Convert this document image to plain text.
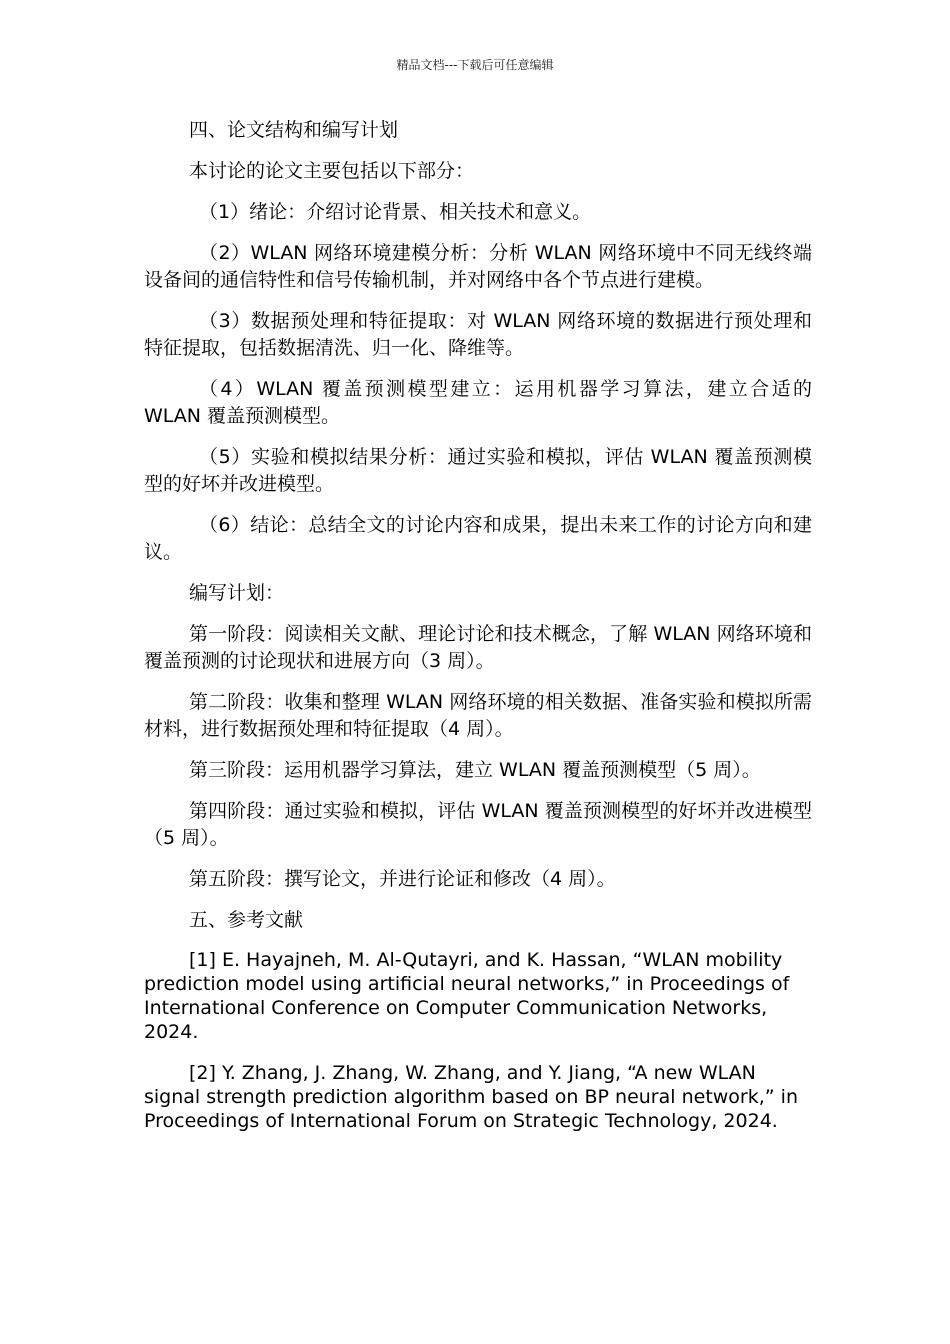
精品文档---下载后可任意编辑

四、论文结构和编写计划

本讨论的论文主要包括以下部分：

（1）绪论：介绍讨论背景、相关技术和意义。

（2）WLAN 网络环境建模分析：分析 WLAN 网络环境中不同无线终端设备间的通信特性和信号传输机制，并对网络中各个节点进行建模。

（3）数据预处理和特征提取：对 WLAN 网络环境的数据进行预处理和特征提取，包括数据清洗、归一化、降维等。

（4）WLAN 覆盖预测模型建立：运用机器学习算法，建立合适的 WLAN 覆盖预测模型。

（5）实验和模拟结果分析：通过实验和模拟，评估 WLAN 覆盖预测模型的好坏并改进模型。

（6）结论：总结全文的讨论内容和成果，提出未来工作的讨论方向和建议。

编写计划：

第一阶段：阅读相关文献、理论讨论和技术概念，了解 WLAN 网络环境和覆盖预测的讨论现状和进展方向（3 周）。

第二阶段：收集和整理 WLAN 网络环境的相关数据、准备实验和模拟所需材料，进行数据预处理和特征提取（4 周）。

第三阶段：运用机器学习算法，建立 WLAN 覆盖预测模型（5 周）。

第四阶段：通过实验和模拟，评估 WLAN 覆盖预测模型的好坏并改进模型（5 周）。

第五阶段：撰写论文，并进行论证和修改（4 周）。

五、参考文献

[1] E. Hayajneh, M. Al-Qutayri, and K. Hassan, “WLAN mobility prediction model using artificial neural networks,” in Proceedings of International Conference on Computer Communication Networks, 2024.

[2] Y. Zhang, J. Zhang, W. Zhang, and Y. Jiang, “A new WLAN signal strength prediction algorithm based on BP neural network,” in Proceedings of International Forum on Strategic Technology, 2024.
